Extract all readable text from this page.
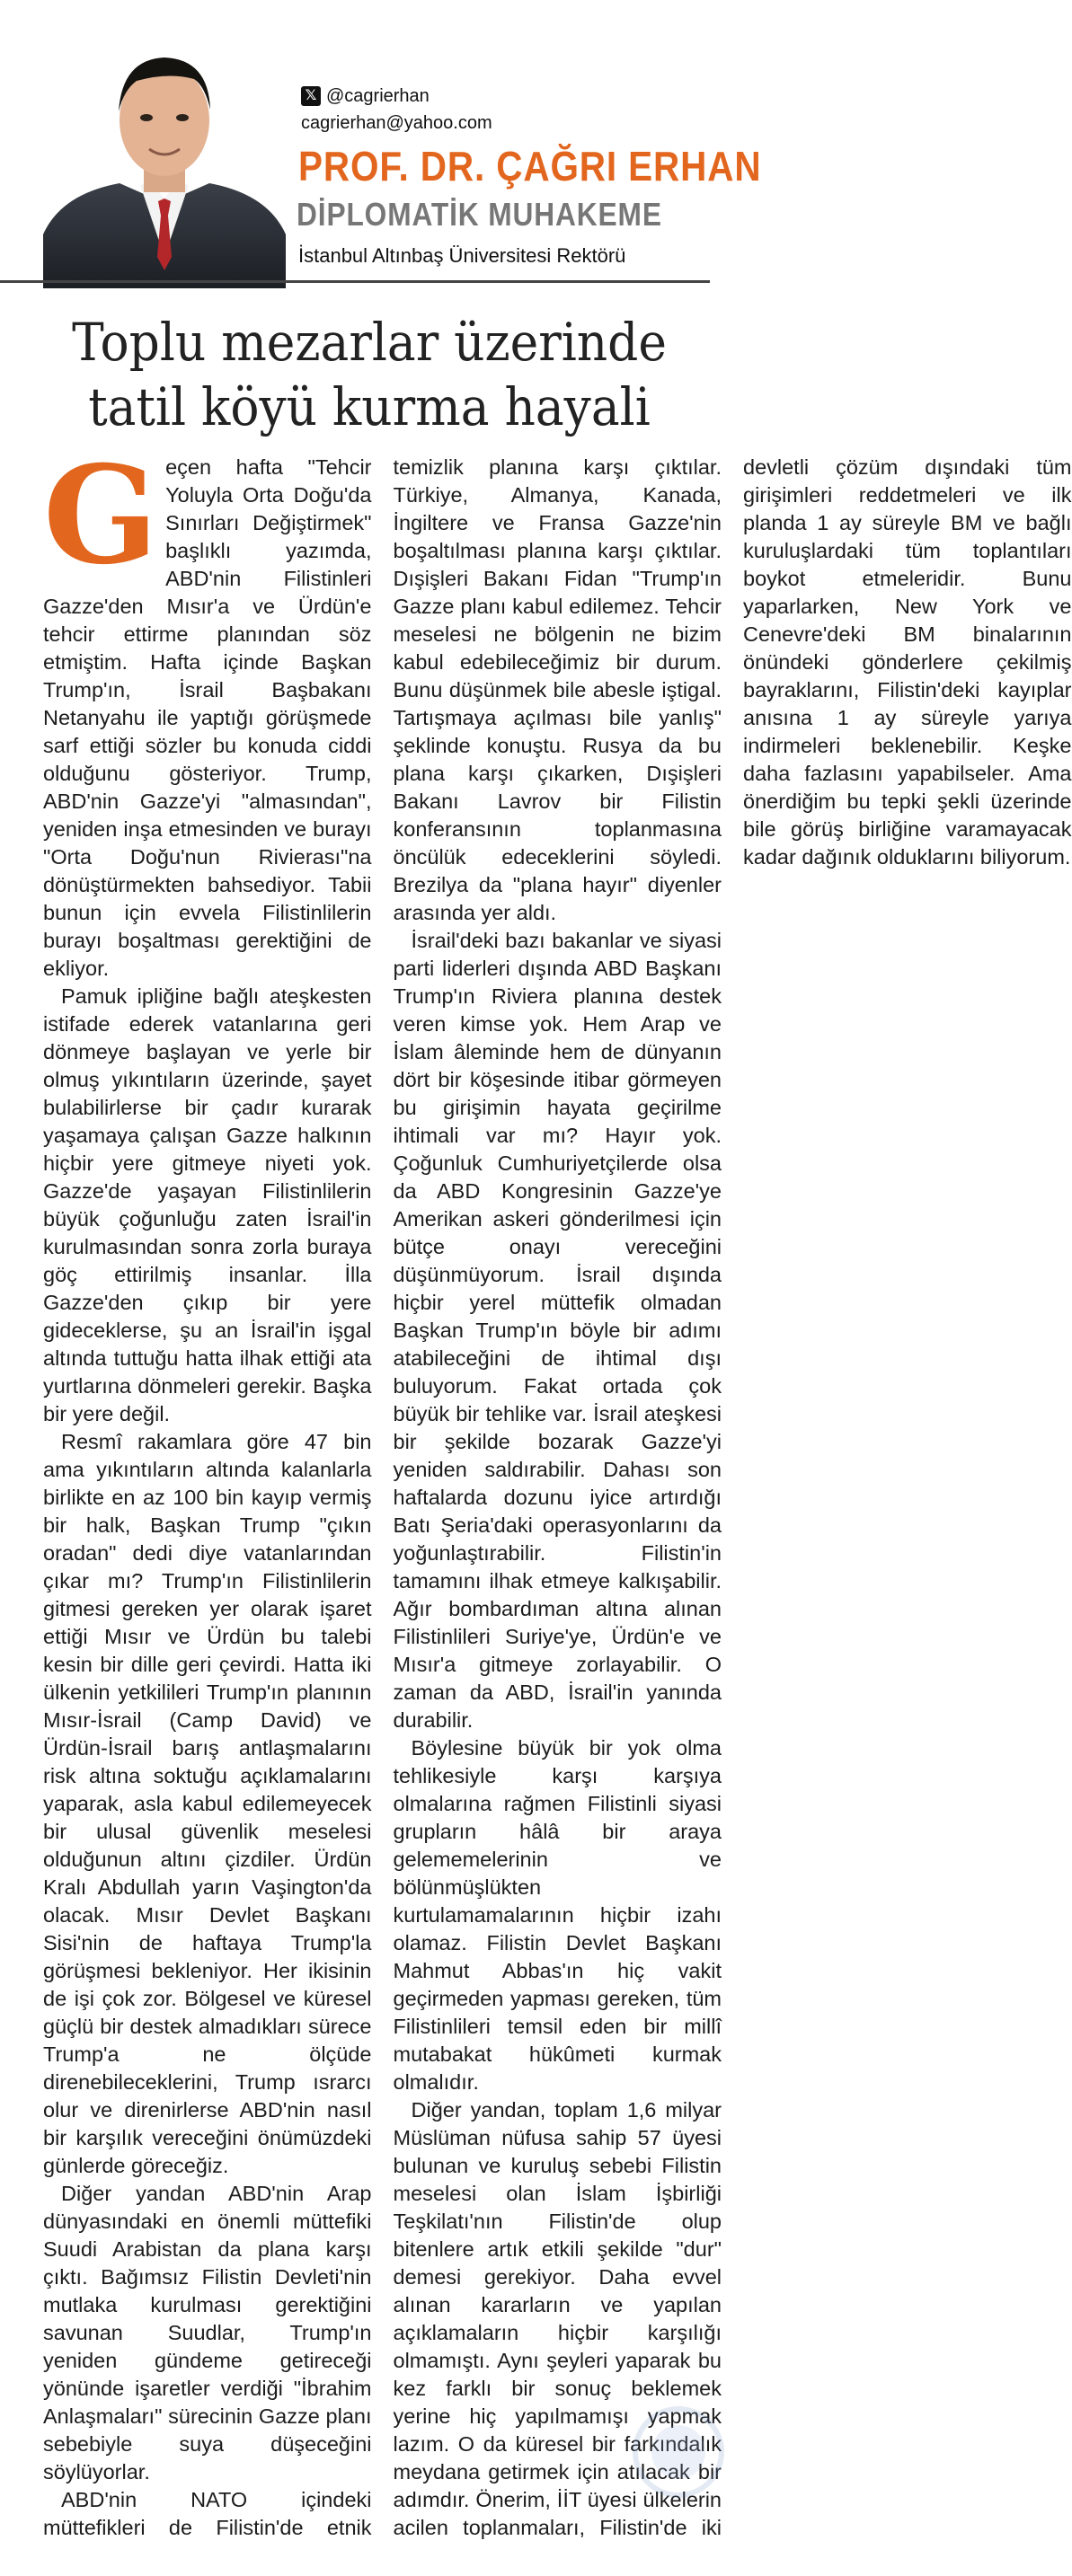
𝕏 @cagrierhan
cagrierhan@yahoo.com
PROF. DR. ÇAĞRI ERHAN
DİPLOMATİK MUHAKEME
İstanbul Altınbaş Üniversitesi Rektörü
Toplu mezarlar üzerinde tatil köyü kurma hayali

Geçen hafta "Tehcir Yoluyla Orta Doğu'da Sınırları Değiştirmek" başlıklı yazımda, ABD'nin Filistinleri Gazze'den Mısır'a ve Ürdün'e tehcir ettirme planından söz etmiştim. Hafta içinde Başkan Trump'ın, İsrail Başbakanı Netanyahu ile yaptığı görüşmede sarf ettiği sözler bu konuda ciddi olduğunu gösteriyor. Trump, ABD'nin Gazze'yi "almasından", yeniden inşa etmesinden ve burayı "Orta Doğu'nun Rivierası"na dönüştürmekten bahsediyor. Tabii bunun için evvela Filistinlilerin burayı boşaltması gerektiğini de ekliyor.

Pamuk ipliğine bağlı ateşkesten istifade ederek vatanlarına geri dönmeye başlayan ve yerle bir olmuş yıkıntıların üzerinde, şayet bulabilirlerse bir çadır kurarak yaşamaya çalışan Gazze halkının hiçbir yere gitmeye niyeti yok. Gazze'de yaşayan Filistinlilerin büyük çoğunluğu zaten İsrail'in kurulmasından sonra zorla buraya göç ettirilmiş insanlar. İlla Gazze'den çıkıp bir yere gideceklerse, şu an İsrail'in işgal altında tuttuğu hatta ilhak ettiği ata yurtlarına dönmeleri gerekir. Başka bir yere değil.

Resmî rakamlara göre 47 bin ama yıkıntıların altında kalanlarla birlikte en az 100 bin kayıp vermiş bir halk, Başkan Trump "çıkın oradan" dedi diye vatanlarından çıkar mı? Trump'ın Filistinlilerin gitmesi gereken yer olarak işaret ettiği Mısır ve Ürdün bu talebi kesin bir dille geri çevirdi. Hatta iki ülkenin yetkilileri Trump'ın planının Mısır-İsrail (Camp David) ve Ürdün-İsrail barış antlaşmalarını risk altına soktuğu açıklamalarını yaparak, asla kabul edilemeyecek bir ulusal güvenlik meselesi olduğunun altını çizdiler. Ürdün Kralı Abdullah yarın Vaşington'da olacak. Mısır Devlet Başkanı Sisi'nin de haftaya Trump'la görüşmesi bekleniyor. Her ikisinin de işi çok zor. Bölgesel ve küresel güçlü bir destek almadıkları sürece Trump'a ne ölçüde direnebileceklerini, Trump ısrarcı olur ve direnirlerse ABD'nin nasıl bir karşılık vereceğini önümüzdeki günlerde göreceğiz.

Diğer yandan ABD'nin Arap dünyasındaki en önemli müttefiki Suudi Arabistan da plana karşı çıktı. Bağımsız Filistin Devleti'nin mutlaka kurulması gerektiğini savunan Suudlar, Trump'ın yeniden gündeme getireceği yönünde işaretler verdiği "İbrahim Anlaşmaları" sürecinin Gazze planı sebebiyle suya düşeceğini söylüyorlar.

ABD'nin NATO içindeki müttefikleri de Filistin'de etnik temizlik planına karşı çıktılar. Türkiye, Almanya, Kanada, İngiltere ve Fransa Gazze'nin boşaltılması planına karşı çıktılar. Dışişleri Bakanı Fidan "Trump'ın Gazze planı kabul edilemez. Tehcir meselesi ne bölgenin ne bizim kabul edebileceğimiz bir durum. Bunu düşünmek bile abesle iştigal. Tartışmaya açılması bile yanlış" şeklinde konuştu. Rusya da bu plana karşı çıkarken, Dışişleri Bakanı Lavrov bir Filistin konferansının toplanmasına öncülük edeceklerini söyledi. Brezilya da "plana hayır" diyenler arasında yer aldı.

İsrail'deki bazı bakanlar ve siyasi parti liderleri dışında ABD Başkanı Trump'ın Riviera planına destek veren kimse yok. Hem Arap ve İslam âleminde hem de dünyanın dört bir köşesinde itibar görmeyen bu girişimin hayata geçirilme ihtimali var mı? Hayır yok. Çoğunluk Cumhuriyetçilerde olsa da ABD Kongresinin Gazze'ye Amerikan askeri gönderilmesi için bütçe onayı vereceğini düşünmüyorum. İsrail dışında hiçbir yerel müttefik olmadan Başkan Trump'ın böyle bir adımı atabileceğini de ihtimal dışı buluyorum. Fakat ortada çok büyük bir tehlike var. İsrail ateşkesi bir şekilde bozarak Gazze'yi yeniden saldırabilir. Dahası son haftalarda dozunu iyice artırdığı Batı Şeria'daki operasyonlarını da yoğunlaştırabilir. Filistin'in tamamını ilhak etmeye kalkışabilir. Ağır bombardıman altına alınan Filistinlileri Suriye'ye, Ürdün'e ve Mısır'a gitmeye zorlayabilir. O zaman da ABD, İsrail'in yanında durabilir.

Böylesine büyük bir yok olma tehlikesiyle karşı karşıya olmalarına rağmen Filistinli siyasi grupların hâlâ bir araya gelememelerinin ve bölünmüşlükten kurtulamamalarının hiçbir izahı olamaz. Filistin Devlet Başkanı Mahmut Abbas'ın hiç vakit geçirmeden yapması gereken, tüm Filistinlileri temsil eden bir millî mutabakat hükûmeti kurmak olmalıdır.

Diğer yandan, toplam 1,6 milyar Müslüman nüfusa sahip 57 üyesi bulunan ve kuruluş sebebi Filistin meselesi olan İslam İşbirliği Teşkilatı'nın Filistin'de olup bitenlere artık etkili şekilde "dur" demesi gerekiyor. Daha evvel alınan kararların ve yapılan açıklamaların hiçbir karşılığı olmamıştı. Aynı şeyleri yaparak bu kez farklı bir sonuç beklemek yerine hiç yapılmamışı yapmak lazım. O da küresel bir farkındalık meydana getirmek için atılacak bir adımdır. Önerim, İİT üyesi ülkelerin acilen toplanmaları, Filistin'de iki devletli çözüm dışındaki tüm girişimleri reddetmeleri ve ilk planda 1 ay süreyle BM ve bağlı kuruluşlardaki tüm toplantıları boykot etmeleridir. Bunu yaparlarken, New York ve Cenevre'deki BM binalarının önündeki gönderlere çekilmiş bayraklarını, Filistin'deki kayıplar anısına 1 ay süreyle yarıya indirmeleri beklenebilir. Keşke daha fazlasını yapabilseler. Ama önerdiğim bu tepki şekli üzerinde bile görüş birliğine varamayacak kadar dağınık olduklarını biliyorum.
